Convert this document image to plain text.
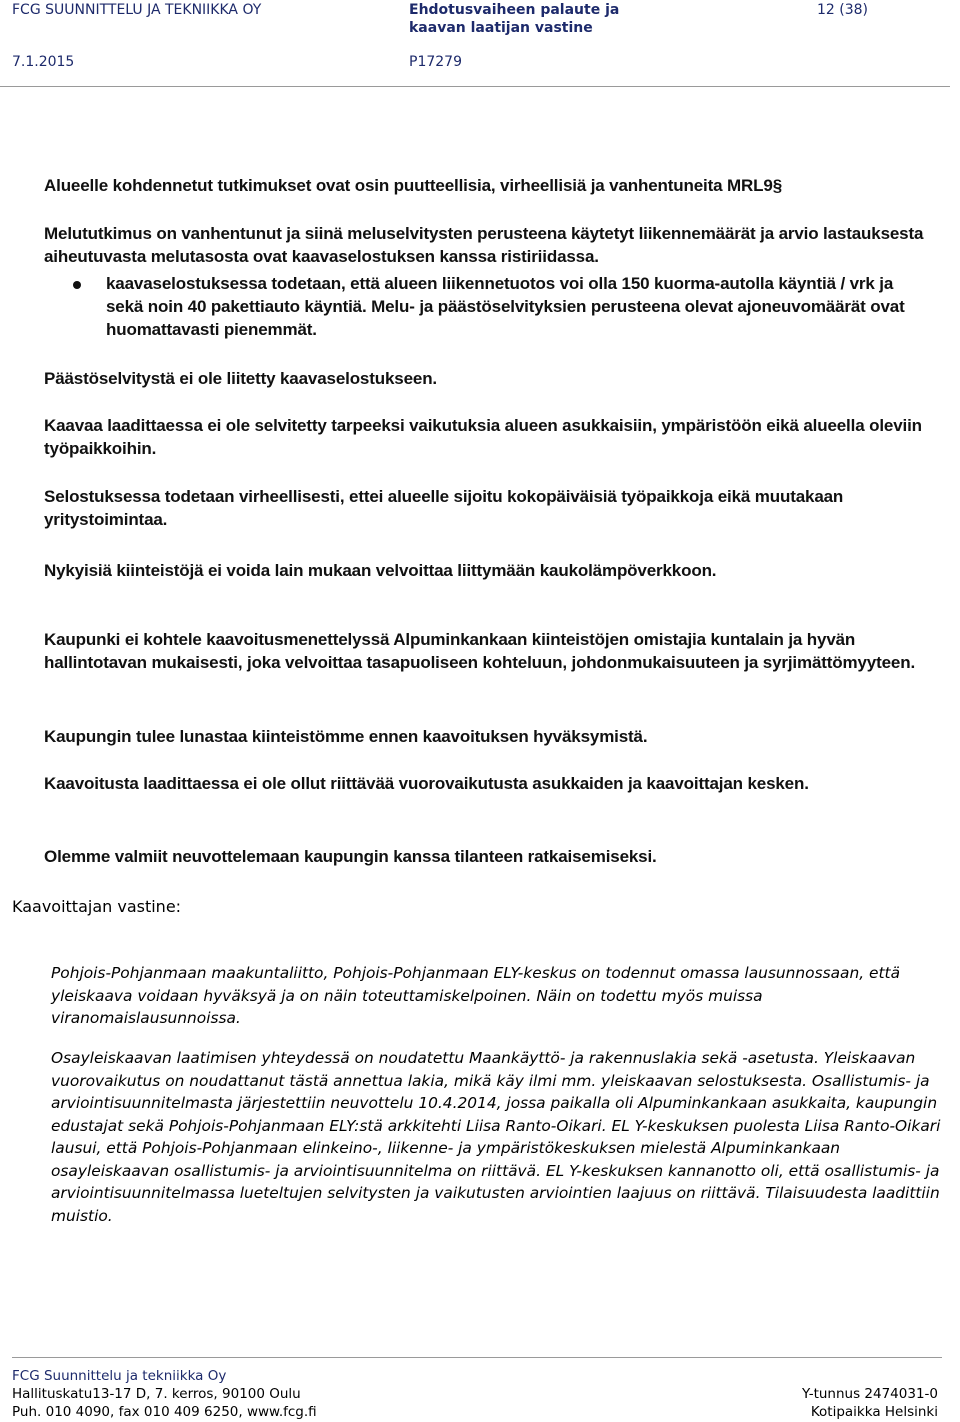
FCG SUUNNITTELU JA TEKNIIKKA OY	Ehdotusvaiheen palaute ja
kaavan laatijan vastine
12 (38)
7.1.2015	P17279

Alueelle kohdennetut tutkimukset ovat osin puutteellisia, virheellisiä ja vanhentuneita MRL9§

Melututkimus on vanhentunut ja siinä meluselvitysten perusteena käytetyt liikennemäärät ja arvio lastauksesta aiheutuvasta melutasosta ovat kaavaselostuksen kanssa ristiriidassa.

kaavaselostuksessa todetaan, että alueen liikennetuotos voi olla 150 kuorma-autolla käyntiä / vrk ja sekä noin 40 pakettiauto käyntiä. Melu- ja päästöselvityksien perusteena olevat ajoneuvomäärät ovat huomattavasti pienemmät.

Päästöselvitystä ei ole liitetty kaavaselostukseen.

Kaavaa laadittaessa ei ole selvitetty tarpeeksi vaikutuksia alueen asukkaisiin, ympäristöön eikä alueella oleviin työpaikkoihin.

Selostuksessa todetaan virheellisesti, ettei alueelle sijoitu kokopäiväisiä työpaikkoja eikä muutakaan yritystoimintaa.

Nykyisiä kiinteistöjä ei voida lain mukaan velvoittaa liittymään kaukolämpöverkkoon.

Kaupunki ei kohtele kaavoitusmenettelyssä Alpuminkankaan kiinteistöjen omistajia kuntalain ja hyvän hallintotavan mukaisesti, joka velvoittaa tasapuoliseen kohteluun, johdonmukaisuuteen ja syrjimättömyyteen.

Kaupungin tulee lunastaa kiinteistömme ennen kaavoituksen hyväksymistä.

Kaavoitusta laadittaessa ei ole ollut riittävää vuorovaikutusta asukkaiden ja kaavoittajan kesken.

Olemme valmiit neuvottelemaan kaupungin kanssa tilanteen ratkaisemiseksi.

Kaavoittajan vastine:

Pohjois-Pohjanmaan maakuntaliitto, Pohjois-Pohjanmaan ELY-keskus on todennut omassa lausunnossaan, että yleiskaava voidaan hyväksyä ja on näin toteuttamiskelpoinen. Näin on todettu myös muissa viranomaislausunnoissa.

Osayleiskaavan laatimisen yhteydessä on noudatettu Maankäyttö- ja rakennuslakia sekä -asetusta. Yleiskaavan vuorovaikutus on noudattanut tästä annettua lakia, mikä käy ilmi mm. yleiskaavan selostuksesta. Osallistumis- ja arviointisuunnitelmasta järjestettiin neuvottelu 10.4.2014, jossa paikalla oli Alpuminkankaan asukkaita, kaupungin edustajat sekä Pohjois-Pohjanmaan ELY:stä arkkitehti Liisa Ranto-Oikari. EL Y-keskuksen puolesta Liisa Ranto-Oikari lausui, että Pohjois-Pohjanmaan elinkeino-, liikenne- ja ympäristökeskuksen mielestä Alpuminkankaan osayleiskaavan osallistumis- ja arviointisuunnitelma on riittävä. EL Y-keskuksen kannanotto oli, että osallistumis- ja arviointisuunnitelmassa lueteltujen selvitysten ja vaikutusten arviointien laajuus on riittävä. Tilaisuudesta laadittiin muistio.

FCG Suunnittelu ja tekniikka Oy
Hallituskatu13-17 D, 7. kerros, 90100 Oulu
Puh. 010 4090, fax 010 409 6250, www.fcg.fi
Y-tunnus 2474031-0
Kotipaikka Helsinki
